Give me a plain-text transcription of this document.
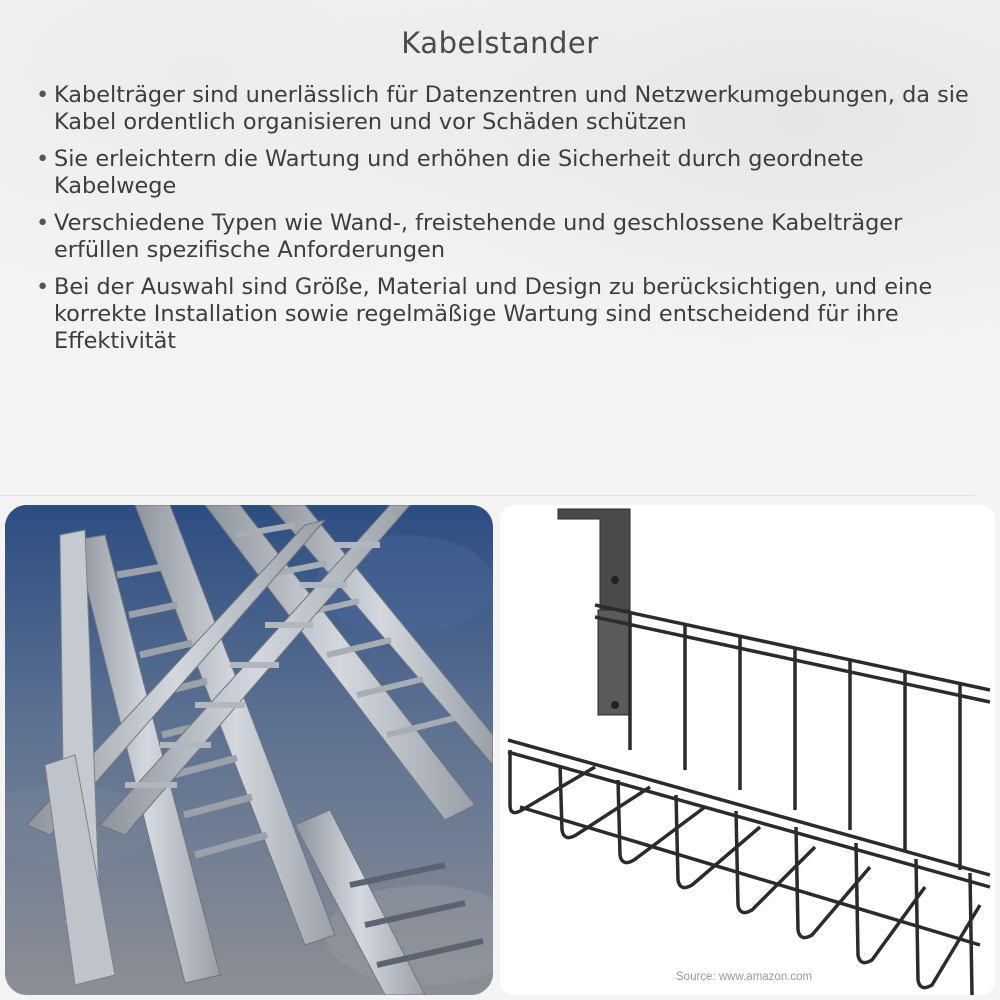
Kabelstander
• Kabelträger sind unerlässlich für Datenzentren und Netzwerkumgebungen, da sie Kabel ordentlich organisieren und vor Schäden schützen
• Sie erleichtern die Wartung und erhöhen die Sicherheit durch geordnete Kabelwege
• Verschiedene Typen wie Wand-, freistehende und geschlossene Kabelträger erfüllen spezifische Anforderungen
• Bei der Auswahl sind Größe, Material und Design zu berücksichtigen, und eine korrekte Installation sowie regelmäßige Wartung sind entscheidend für ihre Effektivität
Source: www.amazon.com
